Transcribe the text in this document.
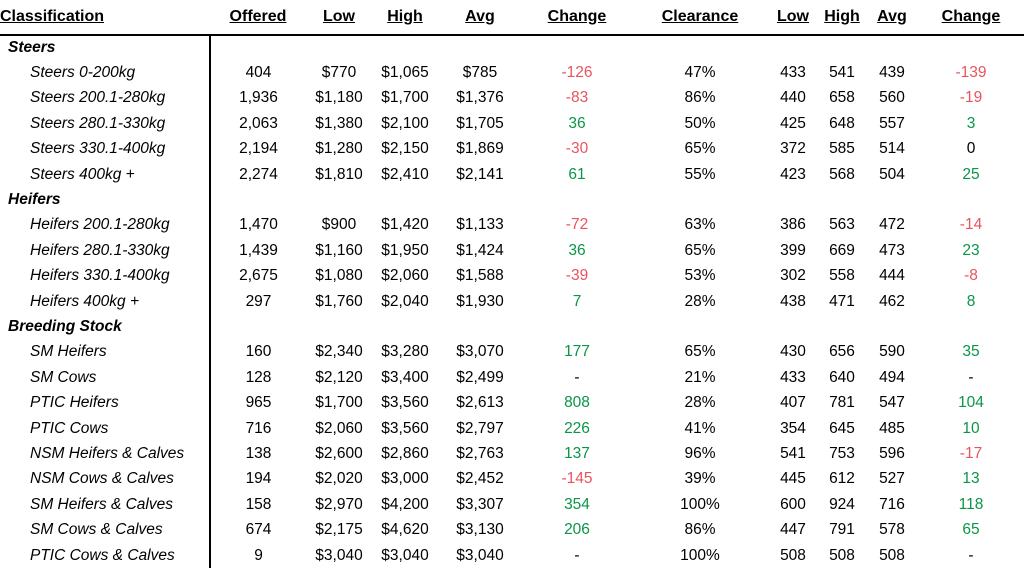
Classification	Offered	Low	High	Avg	Change	Clearance	Low	High	Avg	Change
Steers										
Steers 0-200kg	404	$770	$1,065	$785	-126	47%	433	541	439	-139
Steers 200.1-280kg	1,936	$1,180	$1,700	$1,376	-83	86%	440	658	560	-19
Steers 280.1-330kg	2,063	$1,380	$2,100	$1,705	36	50%	425	648	557	3
Steers 330.1-400kg	2,194	$1,280	$2,150	$1,869	-30	65%	372	585	514	0
Steers 400kg +	2,274	$1,810	$2,410	$2,141	61	55%	423	568	504	25
Heifers										
Heifers 200.1-280kg	1,470	$900	$1,420	$1,133	-72	63%	386	563	472	-14
Heifers 280.1-330kg	1,439	$1,160	$1,950	$1,424	36	65%	399	669	473	23
Heifers 330.1-400kg	2,675	$1,080	$2,060	$1,588	-39	53%	302	558	444	-8
Heifers 400kg +	297	$1,760	$2,040	$1,930	7	28%	438	471	462	8
Breeding Stock										
SM Heifers	160	$2,340	$3,280	$3,070	177	65%	430	656	590	35
SM Cows	128	$2,120	$3,400	$2,499	-	21%	433	640	494	-
PTIC Heifers	965	$1,700	$3,560	$2,613	808	28%	407	781	547	104
PTIC Cows	716	$2,060	$3,560	$2,797	226	41%	354	645	485	10
NSM Heifers & Calves	138	$2,600	$2,860	$2,763	137	96%	541	753	596	-17
NSM Cows & Calves	194	$2,020	$3,000	$2,452	-145	39%	445	612	527	13
SM Heifers & Calves	158	$2,970	$4,200	$3,307	354	100%	600	924	716	118
SM Cows & Calves	674	$2,175	$4,620	$3,130	206	86%	447	791	578	65
PTIC Cows & Calves	9	$3,040	$3,040	$3,040	-	100%	508	508	508	-
